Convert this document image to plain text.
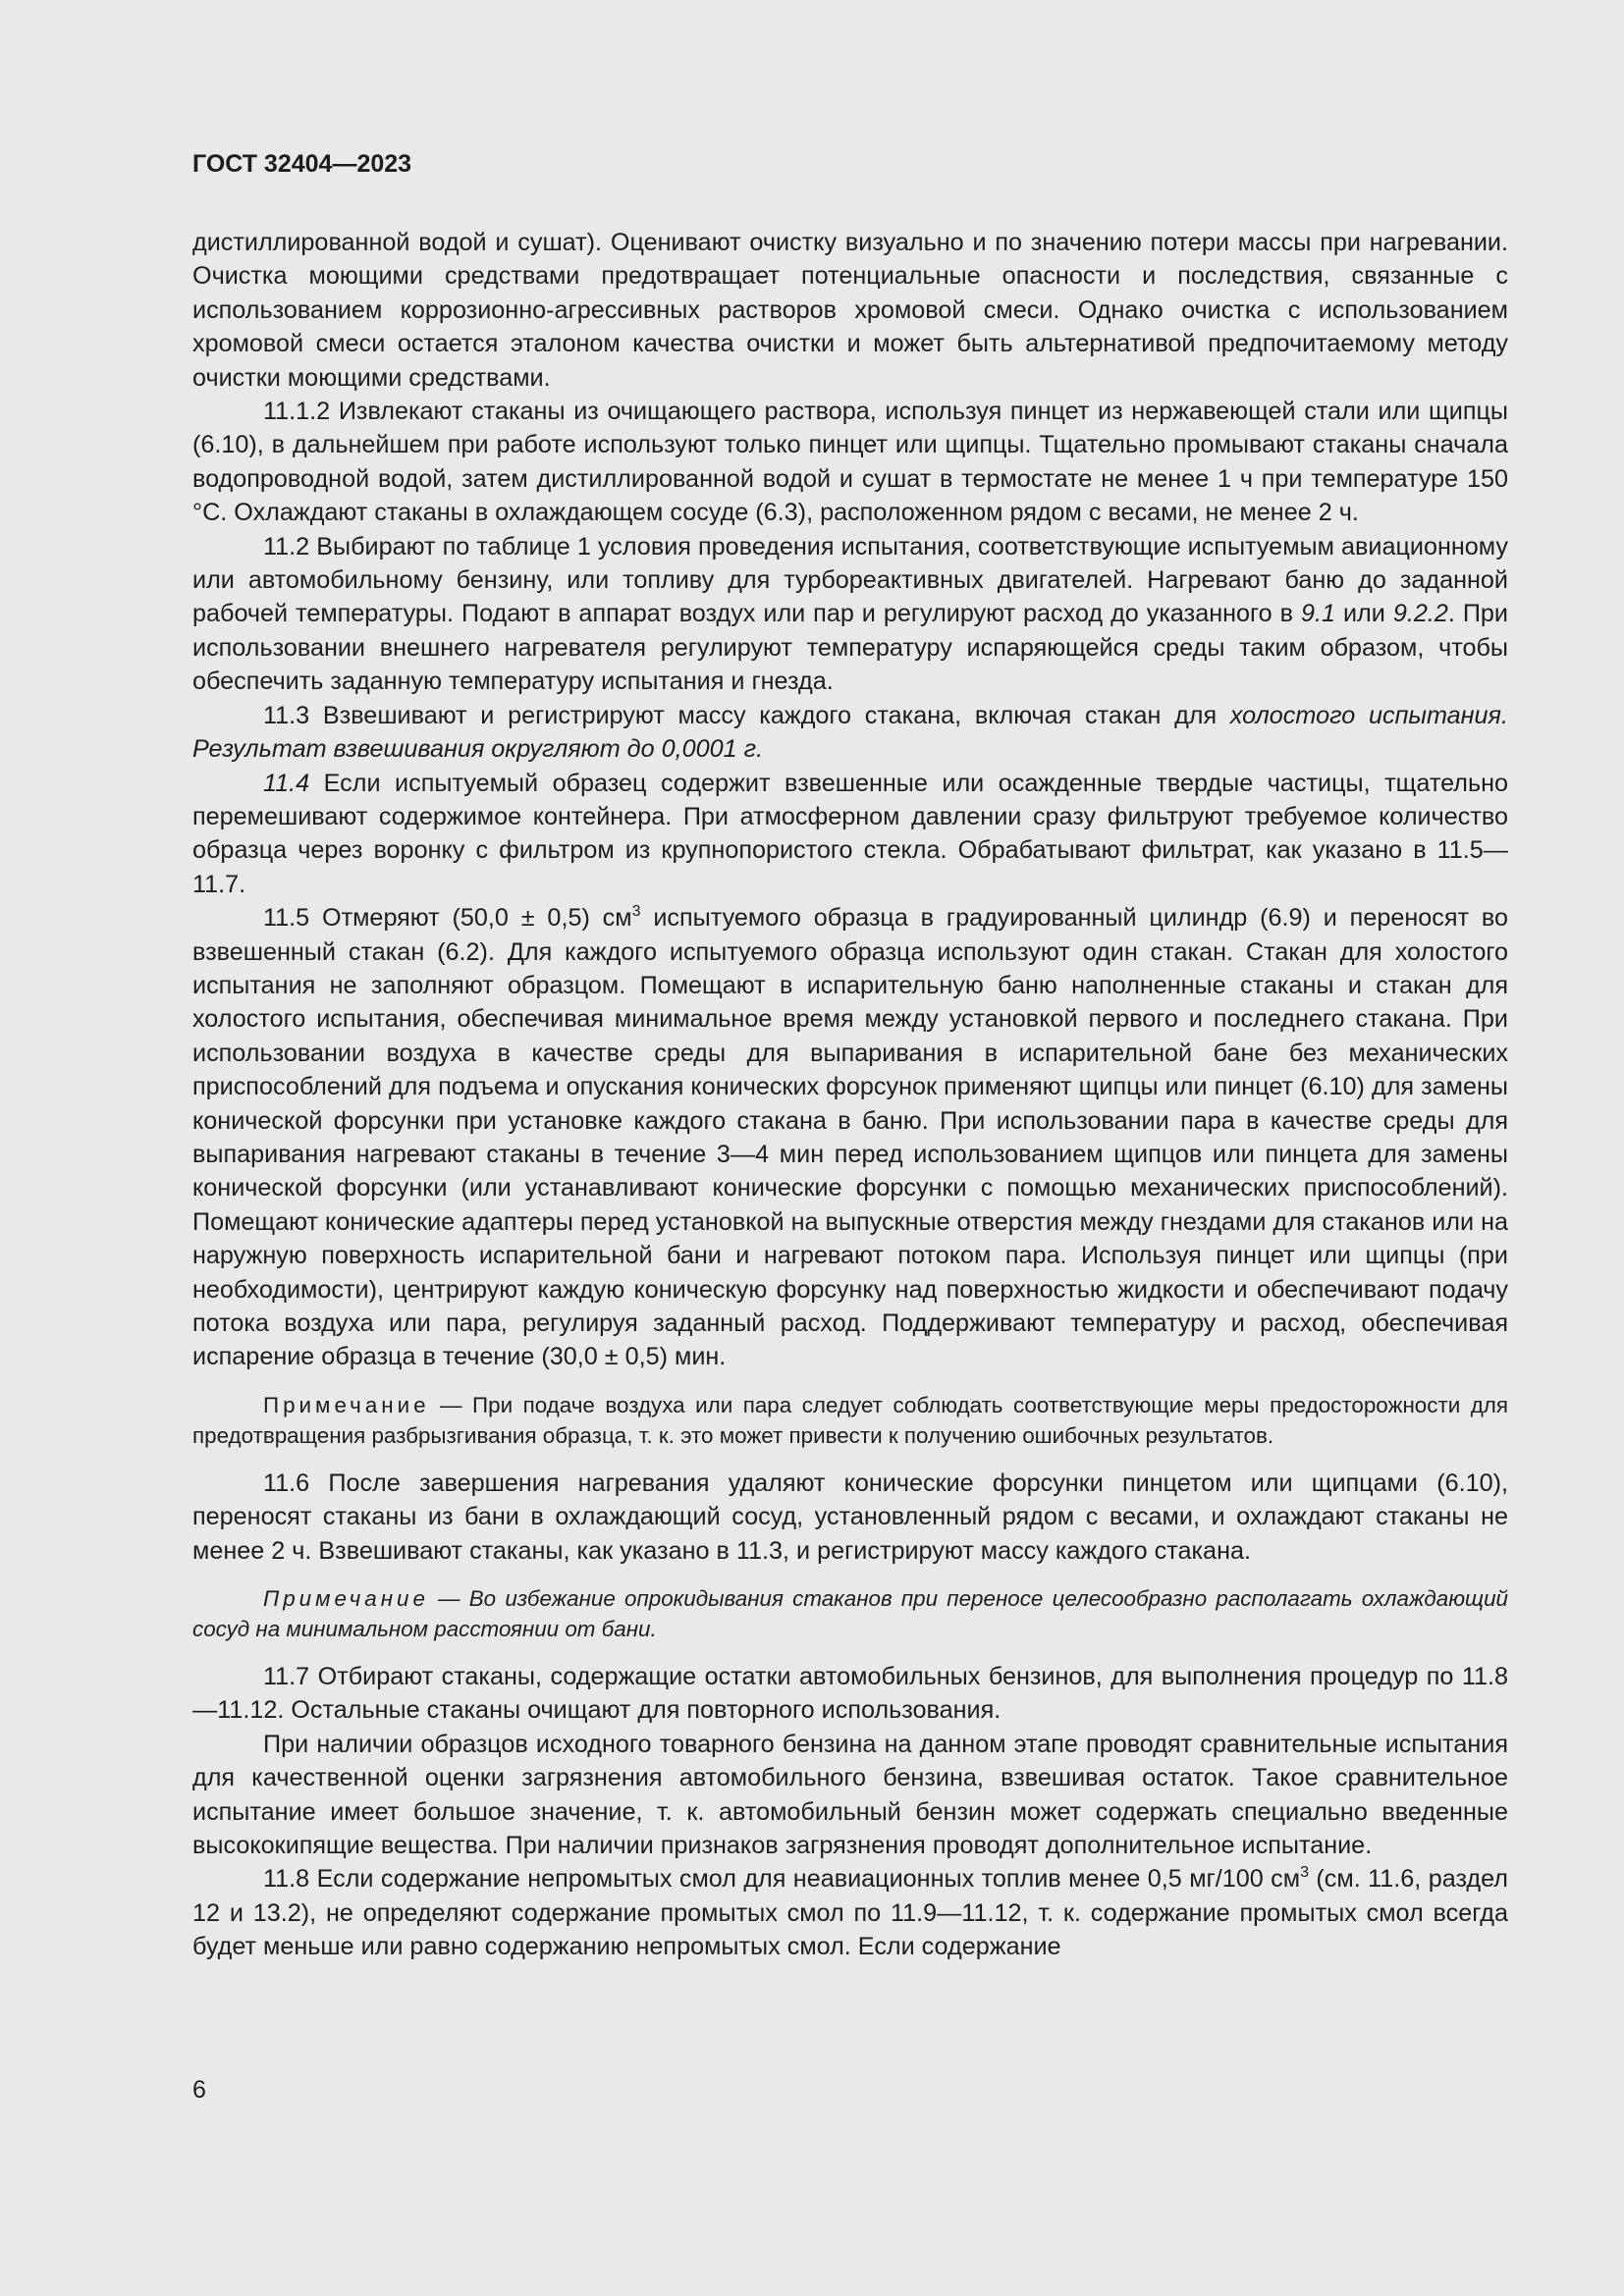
ГОСТ 32404—2023

дистиллированной водой и сушат). Оценивают очистку визуально и по значению потери массы при нагревании. Очистка моющими средствами предотвращает потенциальные опасности и последствия, связанные с использованием коррозионно-агрессивных растворов хромовой смеси. Однако очистка с использованием хромовой смеси остается эталоном качества очистки и может быть альтернативой предпочитаемому методу очистки моющими средствами.

11.1.2 Извлекают стаканы из очищающего раствора, используя пинцет из нержавеющей стали или щипцы (6.10), в дальнейшем при работе используют только пинцет или щипцы. Тщательно промывают стаканы сначала водопроводной водой, затем дистиллированной водой и сушат в термостате не менее 1 ч при температуре 150 °С. Охлаждают стаканы в охлаждающем сосуде (6.3), расположенном рядом с весами, не менее 2 ч.

11.2 Выбирают по таблице 1 условия проведения испытания, соответствующие испытуемым авиационному или автомобильному бензину, или топливу для турбореактивных двигателей. Нагревают баню до заданной рабочей температуры. Подают в аппарат воздух или пар и регулируют расход до указанного в 9.1 или 9.2.2. При использовании внешнего нагревателя регулируют температуру испаряющейся среды таким образом, чтобы обеспечить заданную температуру испытания и гнезда.

11.3 Взвешивают и регистрируют массу каждого стакана, включая стакан для холостого испытания. Результат взвешивания округляют до 0,0001 г.

11.4 Если испытуемый образец содержит взвешенные или осажденные твердые частицы, тщательно перемешивают содержимое контейнера. При атмосферном давлении сразу фильтруют требуемое количество образца через воронку с фильтром из крупнопористого стекла. Обрабатывают фильтрат, как указано в 11.5—11.7.

11.5 Отмеряют (50,0 ± 0,5) $см^3$ испытуемого образца в градуированный цилиндр (6.9) и переносят во взвешенный стакан (6.2). Для каждого испытуемого образца используют один стакан. Стакан для холостого испытания не заполняют образцом. Помещают в испарительную баню наполненные стаканы и стакан для холостого испытания, обеспечивая минимальное время между установкой первого и последнего стакана. При использовании воздуха в качестве среды для выпаривания в испарительной бане без механических приспособлений для подъема и опускания конических форсунок применяют щипцы или пинцет (6.10) для замены конической форсунки при установке каждого стакана в баню. При использовании пара в качестве среды для выпаривания нагревают стаканы в течение 3—4 мин перед использованием щипцов или пинцета для замены конической форсунки (или устанавливают конические форсунки с помощью механических приспособлений). Помещают конические адаптеры перед установкой на выпускные отверстия между гнездами для стаканов или на наружную поверхность испарительной бани и нагревают потоком пара. Используя пинцет или щипцы (при необходимости), центрируют каждую коническую форсунку над поверхностью жидкости и обеспечивают подачу потока воздуха или пара, регулируя заданный расход. Поддерживают температуру и расход, обеспечивая испарение образца в течение (30,0 ± 0,5) мин.

Примечание — При подаче воздуха или пара следует соблюдать соответствующие меры предосторожности для предотвращения разбрызгивания образца, т. к. это может привести к получению ошибочных результатов.

11.6 После завершения нагревания удаляют конические форсунки пинцетом или щипцами (6.10), переносят стаканы из бани в охлаждающий сосуд, установленный рядом с весами, и охлаждают стаканы не менее 2 ч. Взвешивают стаканы, как указано в 11.3, и регистрируют массу каждого стакана.

Примечание — Во избежание опрокидывания стаканов при переносе целесообразно располагать охлаждающий сосуд на минимальном расстоянии от бани.

11.7 Отбирают стаканы, содержащие остатки автомобильных бензинов, для выполнения процедур по 11.8—11.12. Остальные стаканы очищают для повторного использования.

При наличии образцов исходного товарного бензина на данном этапе проводят сравнительные испытания для качественной оценки загрязнения автомобильного бензина, взвешивая остаток. Такое сравнительное испытание имеет большое значение, т. к. автомобильный бензин может содержать специально введенные высококипящие вещества. При наличии признаков загрязнения проводят дополнительное испытание.

11.8 Если содержание непромытых смол для неавиационных топлив менее 0,5 мг/100 $см^3$ (см. 11.6, раздел 12 и 13.2), не определяют содержание промытых смол по 11.9—11.12, т. к. содержание промытых смол всегда будет меньше или равно содержанию непромытых смол. Если содержание

6
